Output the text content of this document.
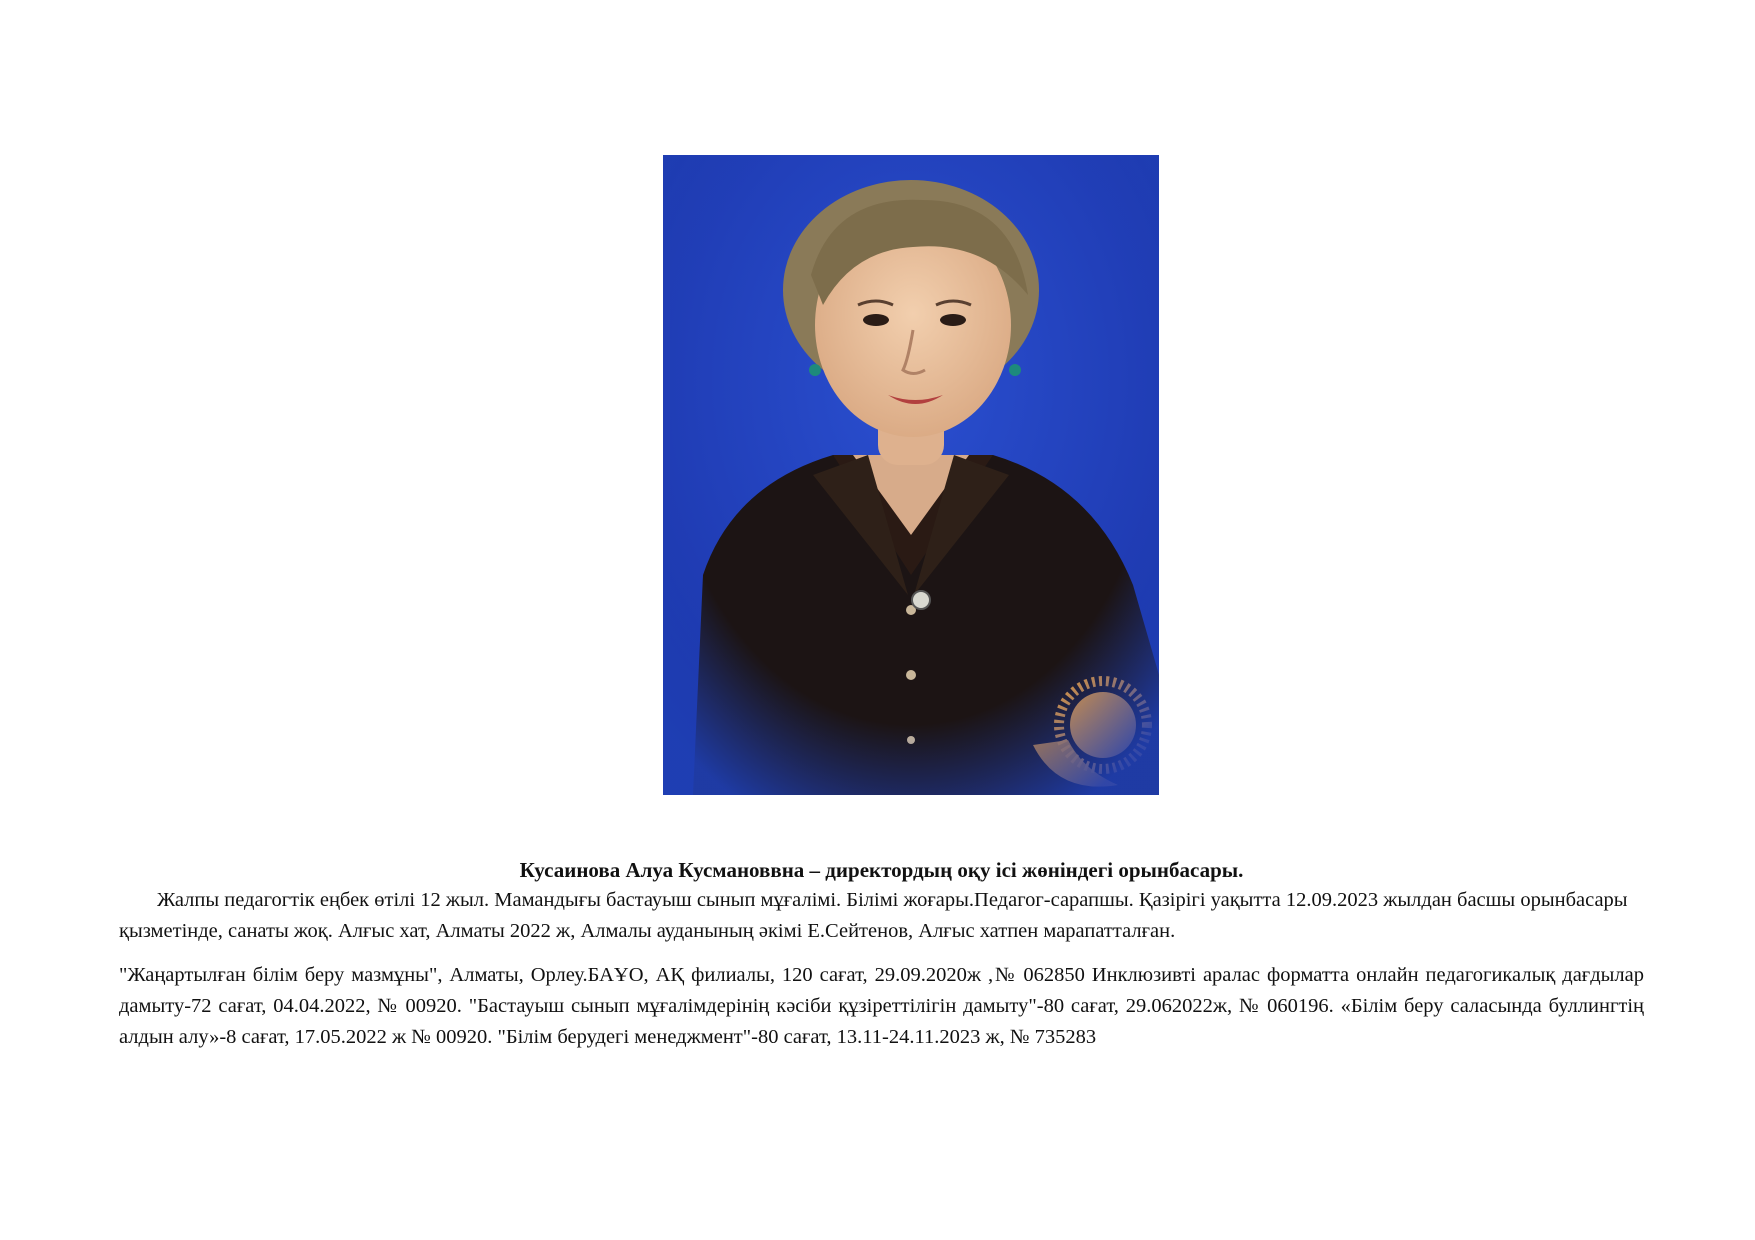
Кусаинова Алуа Кусмановвна – директордың оқу ісі жөніндегі орынбасары.

Жалпы педагогтік еңбек өтілі 12 жыл. Мамандығы бастауыш сынып мұғалімі. Білімі жоғары.Педагог-сарапшы. Қазірігі уақытта 12.09.2023 жылдан басшы орынбасары қызметінде, санаты жоқ. Алғыс хат, Алматы 2022 ж, Алмалы ауданының әкімі Е.Сейтенов, Алғыс хатпен марапатталған.

"Жаңартылған білім беру мазмұны", Алматы, Орлеу.БАҰО, АҚ филиалы, 120 сағат, 29.09.2020ж ,№ 062850 Инклюзивті аралас форматта онлайн педагогикалық дағдылар дамыту-72 сағат, 04.04.2022, № 00920. "Бастауыш сынып мұғалімдерінің кәсіби құзіреттілігін дамыту"-80 сағат, 29.062022ж, № 060196. «Білім беру саласында буллингтің алдын алу»-8 сағат, 17.05.2022 ж № 00920. "Білім берудегі менеджмент"-80 сағат, 13.11-24.11.2023 ж, № 735283
